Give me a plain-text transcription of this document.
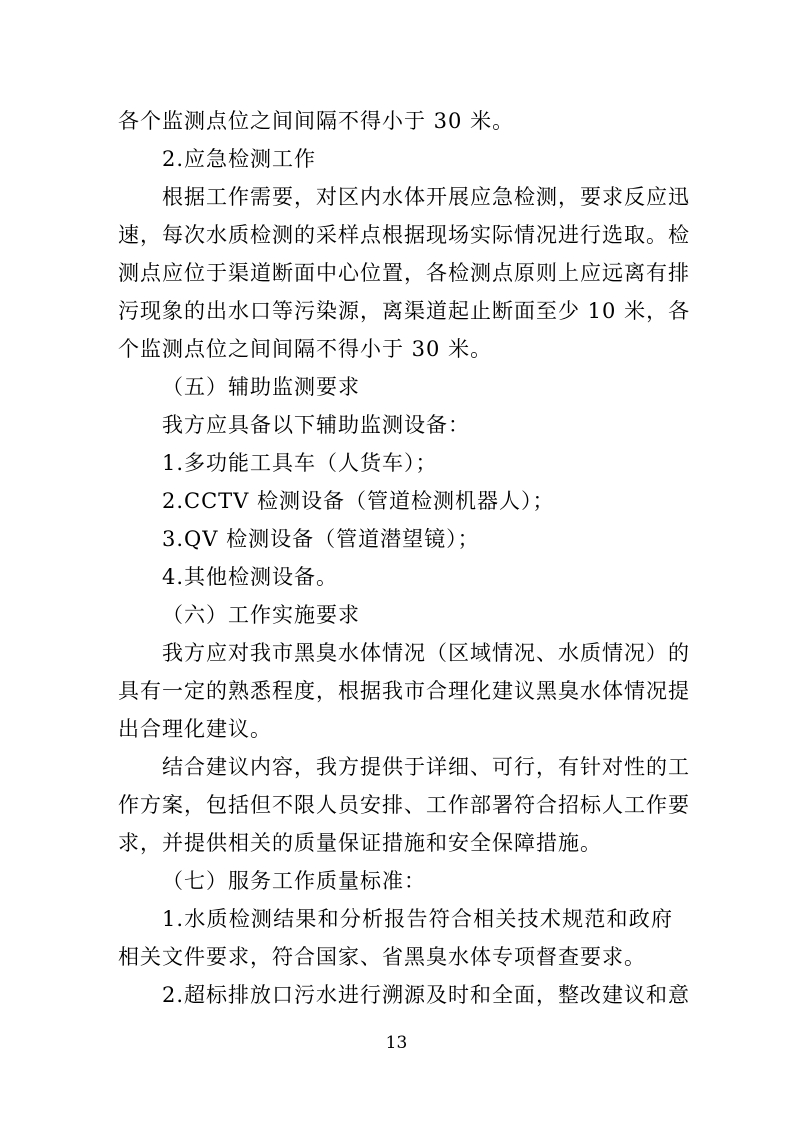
各个监测点位之间间隔不得小于 30 米。
2.应急检测工作
根据工作需要，对区内水体开展应急检测，要求反应迅
速，每次水质检测的采样点根据现场实际情况进行选取。检
测点应位于渠道断面中心位置，各检测点原则上应远离有排
污现象的出水口等污染源，离渠道起止断面至少 10 米，各
个监测点位之间间隔不得小于 30 米。
（五）辅助监测要求
我方应具备以下辅助监测设备：
1.多功能工具车（人货车）；
2.CCTV 检测设备（管道检测机器人）；
3.QV 检测设备（管道潜望镜）；
4.其他检测设备。
（六）工作实施要求
我方应对我市黑臭水体情况（区域情况、水质情况）的
具有一定的熟悉程度，根据我市合理化建议黑臭水体情况提
出合理化建议。
结合建议内容，我方提供于详细、可行，有针对性的工
作方案，包括但不限人员安排、工作部署符合招标人工作要
求，并提供相关的质量保证措施和安全保障措施。
（七）服务工作质量标准：
1.水质检测结果和分析报告符合相关技术规范和政府
相关文件要求，符合国家、省黑臭水体专项督查要求。
2.超标排放口污水进行溯源及时和全面，整改建议和意
13
